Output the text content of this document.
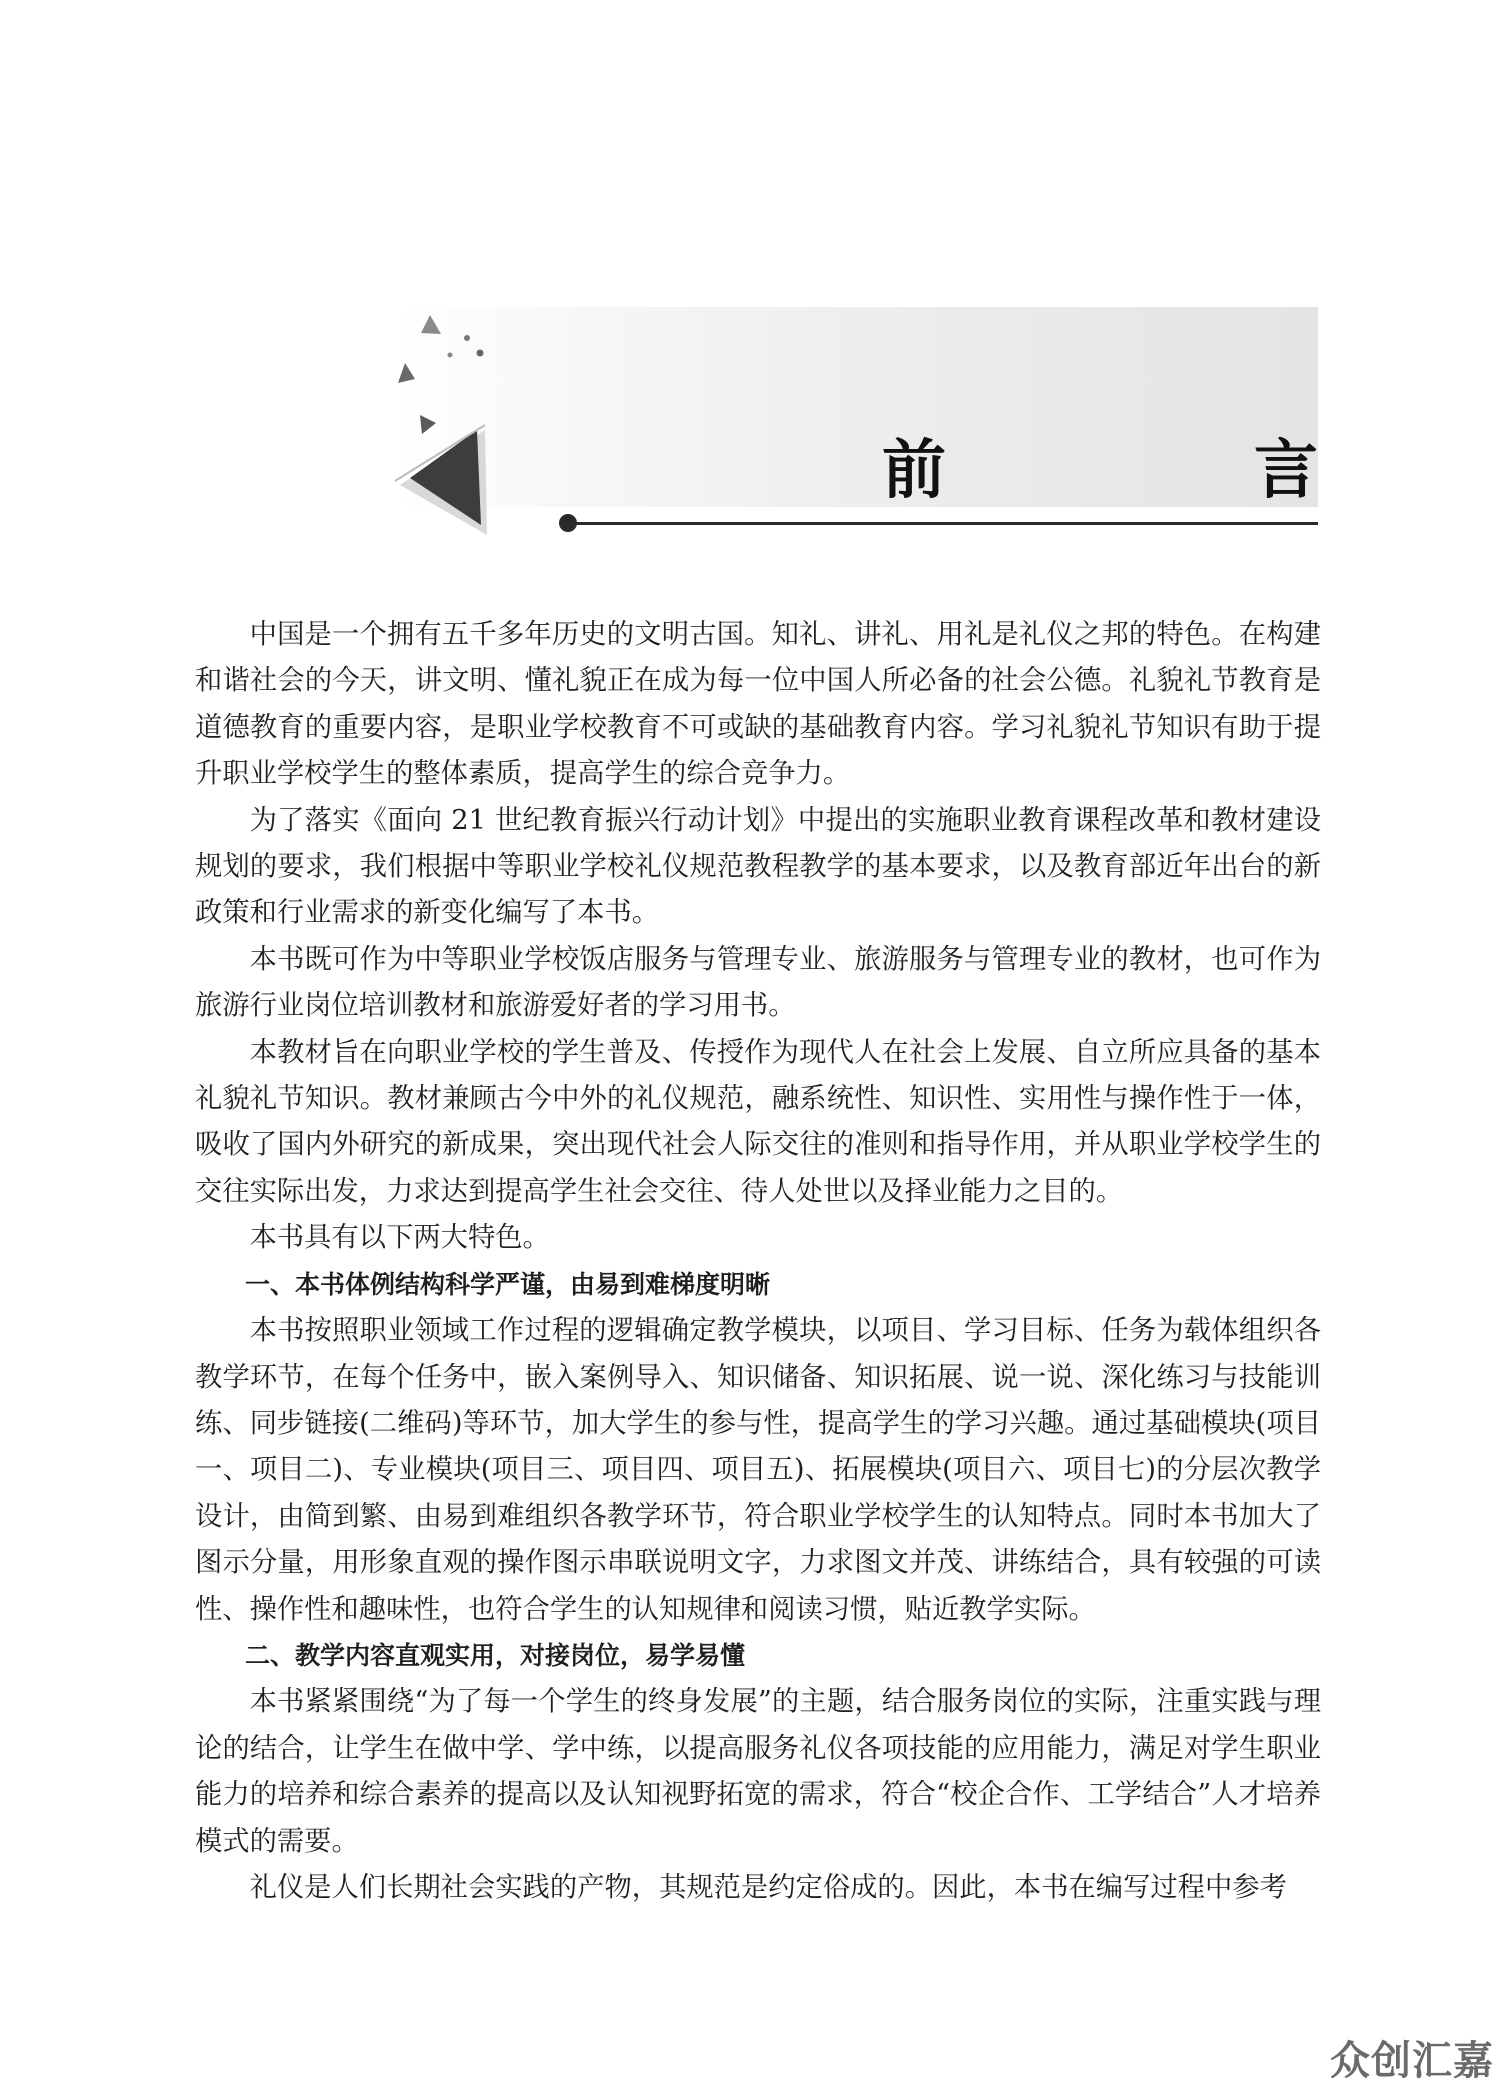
前　言

中国是一个拥有五千多年历史的文明古国。知礼、讲礼、用礼是礼仪之邦的特色。在构建和谐社会的今天，讲文明、懂礼貌正在成为每一位中国人所必备的社会公德。礼貌礼节教育是道德教育的重要内容，是职业学校教育不可或缺的基础教育内容。学习礼貌礼节知识有助于提升职业学校学生的整体素质，提高学生的综合竞争力。

为了落实《面向 21 世纪教育振兴行动计划》中提出的实施职业教育课程改革和教材建设规划的要求，我们根据中等职业学校礼仪规范教程教学的基本要求，以及教育部近年出台的新政策和行业需求的新变化编写了本书。

本书既可作为中等职业学校饭店服务与管理专业、旅游服务与管理专业的教材，也可作为旅游行业岗位培训教材和旅游爱好者的学习用书。

本教材旨在向职业学校的学生普及、传授作为现代人在社会上发展、自立所应具备的基本礼貌礼节知识。教材兼顾古今中外的礼仪规范，融系统性、知识性、实用性与操作性于一体，吸收了国内外研究的新成果，突出现代社会人际交往的准则和指导作用，并从职业学校学生的交往实际出发，力求达到提高学生社会交往、待人处世以及择业能力之目的。

本书具有以下两大特色。

一、本书体例结构科学严谨，由易到难梯度明晰

本书按照职业领域工作过程的逻辑确定教学模块，以项目、学习目标、任务为载体组织各教学环节，在每个任务中，嵌入案例导入、知识储备、知识拓展、说一说、深化练习与技能训练、同步链接(二维码)等环节，加大学生的参与性，提高学生的学习兴趣。通过基础模块(项目一、项目二)、专业模块(项目三、项目四、项目五)、拓展模块(项目六、项目七)的分层次教学设计，由简到繁、由易到难组织各教学环节，符合职业学校学生的认知特点。同时本书加大了图示分量，用形象直观的操作图示串联说明文字，力求图文并茂、讲练结合，具有较强的可读性、操作性和趣味性，也符合学生的认知规律和阅读习惯，贴近教学实际。

二、教学内容直观实用，对接岗位，易学易懂

本书紧紧围绕“为了每一个学生的终身发展”的主题，结合服务岗位的实际，注重实践与理论的结合，让学生在做中学、学中练，以提高服务礼仪各项技能的应用能力，满足对学生职业能力的培养和综合素养的提高以及认知视野拓宽的需求，符合“校企合作、工学结合”人才培养模式的需要。

礼仪是人们长期社会实践的产物，其规范是约定俗成的。因此，本书在编写过程中参考

众创汇嘉
